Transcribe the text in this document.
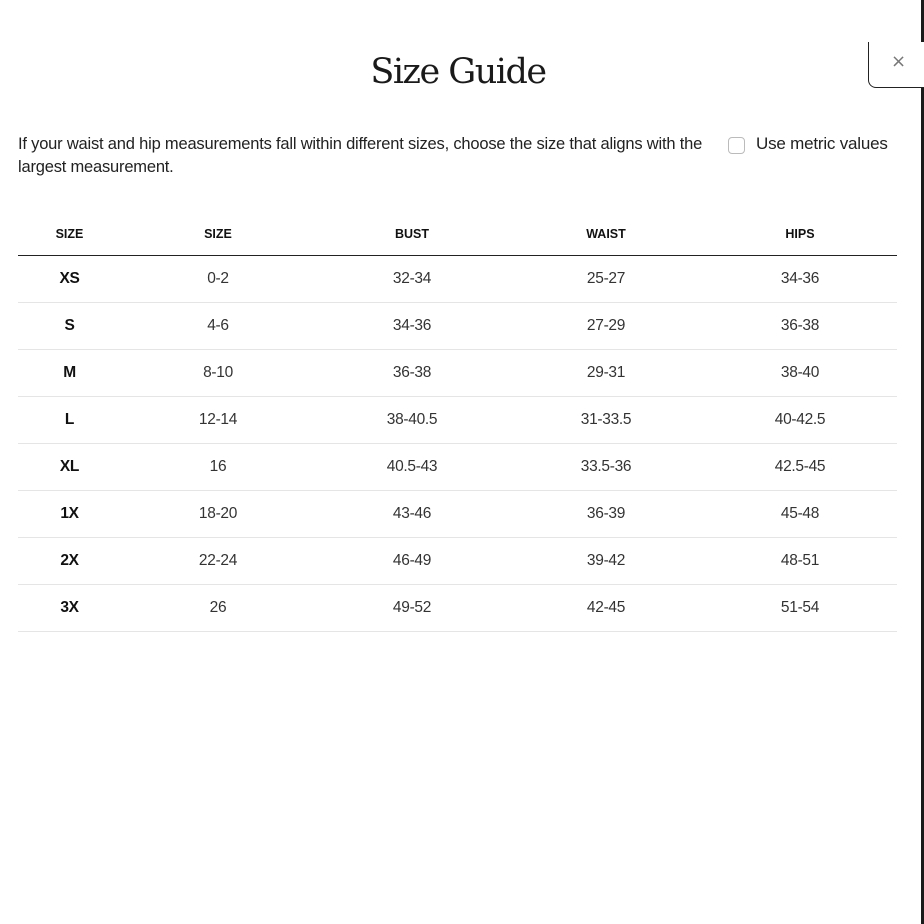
×
Size Guide
If your waist and hip measurements fall within different sizes, choose the size that aligns with the largest measurement.
Use metric values
SIZE	SIZE	BUST	WAIST	HIPS
XS	0-2	32-34	25-27	34-36
S	4-6	34-36	27-29	36-38
M	8-10	36-38	29-31	38-40
L	12-14	38-40.5	31-33.5	40-42.5
XL	16	40.5-43	33.5-36	42.5-45
1X	18-20	43-46	36-39	45-48
2X	22-24	46-49	39-42	48-51
3X	26	49-52	42-45	51-54
